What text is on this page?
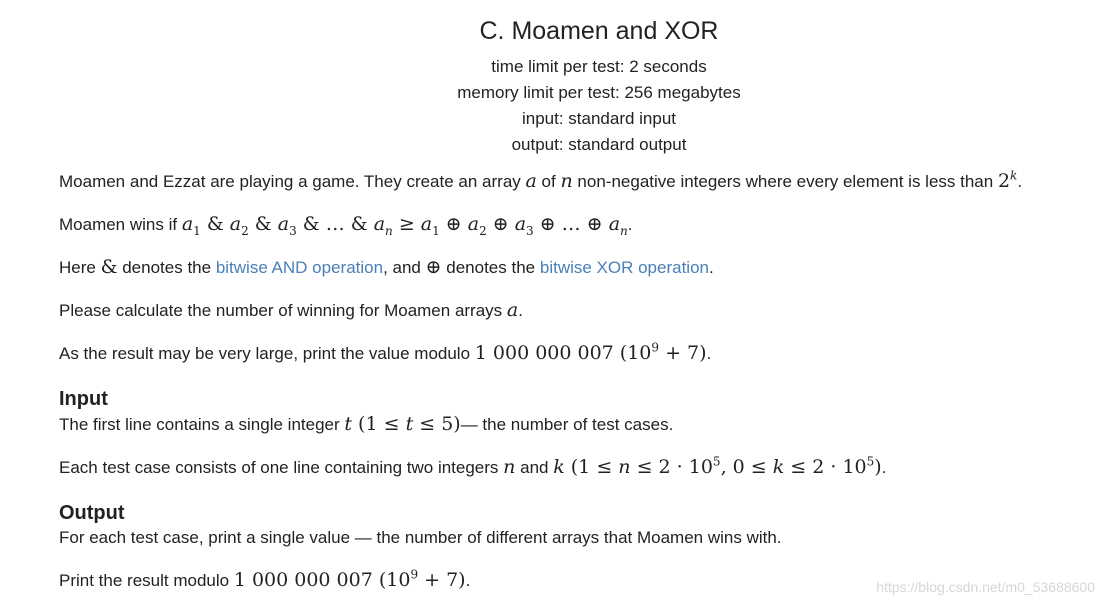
C. Moamen and XOR
time limit per test: 2 seconds
memory limit per test: 256 megabytes
input: standard input
output: standard output

Moamen and Ezzat are playing a game. They create an array a of n non-negative integers where every element is less than 2$^k$.

Moamen wins if $a_1$ & $a_2$ & $a_3$ & … & $a_n \ge a_1$ ⊕ $a_2$ ⊕ $a_3$ ⊕ … ⊕ $a_n$.

Here & denotes the bitwise AND operation, and ⊕ denotes the bitwise XOR operation.

Please calculate the number of winning for Moamen arrays a.

As the result may be very large, print the value modulo 1 000 000 007 $(10^9 + 7)$.

Input

The first line contains a single integer t (1 ≤ t ≤ 5)— the number of test cases.

Each test case consists of one line containing two integers n and k ($1 \le n \le 2 \cdot 10^5$, $0 \le k \le 2 \cdot 10^5$).

Output

For each test case, print a single value — the number of different arrays that Moamen wins with.

Print the result modulo 1 000 000 007 $(10^9 + 7)$.	https://blog.csdn.net/m0_53688600
